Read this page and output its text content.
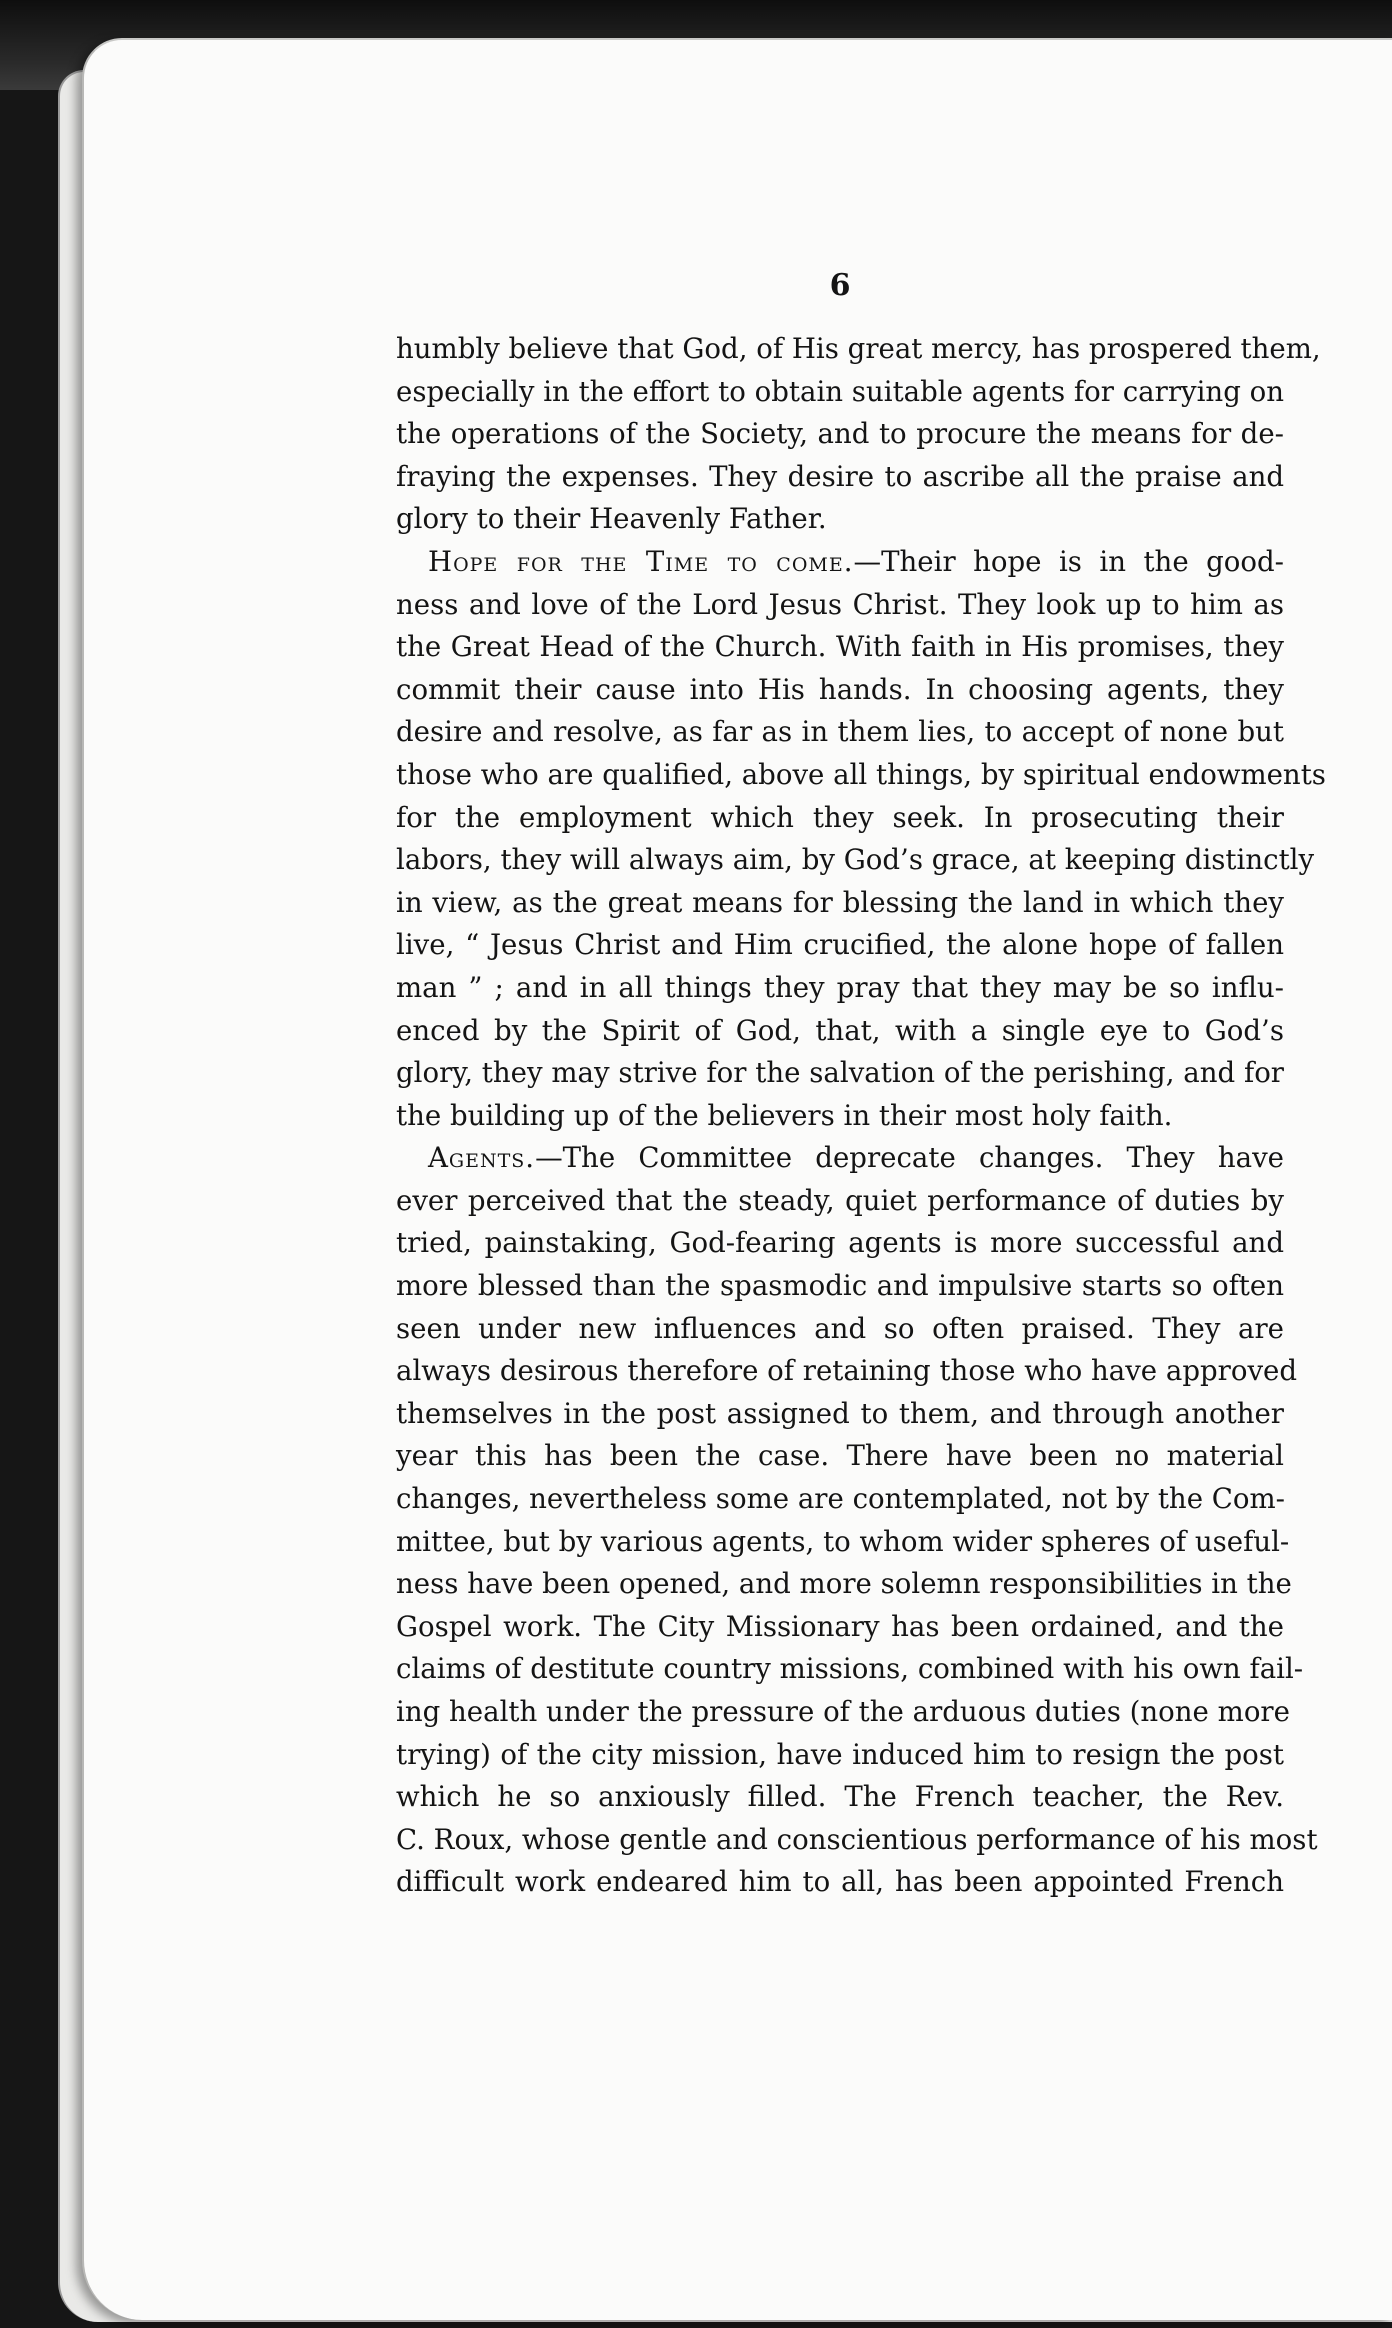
6
humbly believe that God, of His great mercy, has prospered them,
especially in the effort to obtain suitable agents for carrying on
the operations of the Society, and to procure the means for de-
fraying the expenses. They desire to ascribe all the praise and
glory to their Heavenly Father.
Hope for the Time to come.—Their hope is in the good-
ness and love of the Lord Jesus Christ. They look up to him as
the Great Head of the Church. With faith in His promises, they
commit their cause into His hands. In choosing agents, they
desire and resolve, as far as in them lies, to accept of none but
those who are qualified, above all things, by spiritual endowments
for the employment which they seek. In prosecuting their
labors, they will always aim, by God’s grace, at keeping distinctly
in view, as the great means for blessing the land in which they
live, “ Jesus Christ and Him crucified, the alone hope of fallen
man ” ; and in all things they pray that they may be so influ-
enced by the Spirit of God, that, with a single eye to God’s
glory, they may strive for the salvation of the perishing, and for
the building up of the believers in their most holy faith.
Agents.—The Committee deprecate changes. They have
ever perceived that the steady, quiet performance of duties by
tried, painstaking, God-fearing agents is more successful and
more blessed than the spasmodic and impulsive starts so often
seen under new influences and so often praised. They are
always desirous therefore of retaining those who have approved
themselves in the post assigned to them, and through another
year this has been the case. There have been no material
changes, nevertheless some are contemplated, not by the Com-
mittee, but by various agents, to whom wider spheres of useful-
ness have been opened, and more solemn responsibilities in the
Gospel work. The City Missionary has been ordained, and the
claims of destitute country missions, combined with his own fail-
ing health under the pressure of the arduous duties (none more
trying) of the city mission, have induced him to resign the post
which he so anxiously filled. The French teacher, the Rev.
C. Roux, whose gentle and conscientious performance of his most
difficult work endeared him to all, has been appointed French
